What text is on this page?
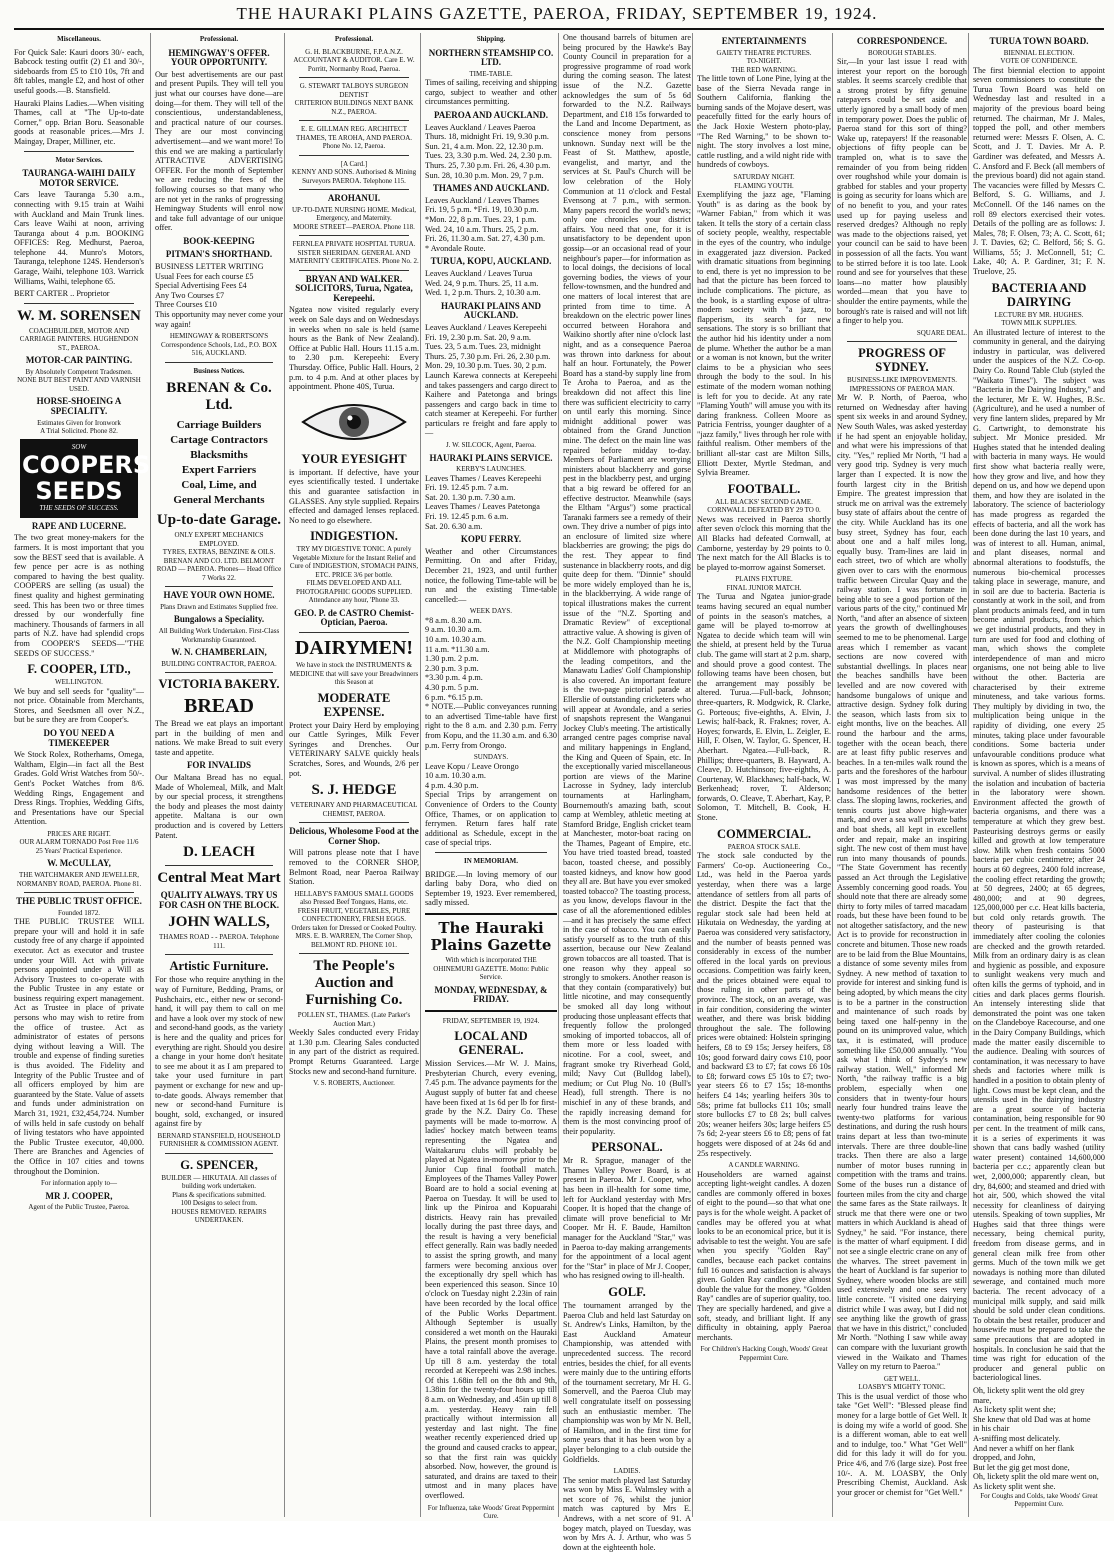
THE HAURAKI PLAINS GAZETTE, PAEROA, FRIDAY, SEPTEMBER 19, 1924.
Miscellaneous.

For Quick Sale: Kauri doors 30/- each, Babcock testing outfit (2) £1 and 30/-, sideboards from £5 to £10 10s, 7ft and 8ft tables, mangle £2, and host of other useful goods.—B. Stansfield.

Hauraki Plains Ladies.—When visiting Thames, call at "The Up-to-date Corner," opp. Brian Boru. Seasonable goods at reasonable prices.—Mrs J. Maingay, Draper, Milliner, etc.

Motor Services.
TAURANGA-WAIHI DAILY MOTOR SERVICE.

Cars leave Tauranga 5.30 a.m., connecting with 9.15 train at Waihi with Auckland and Main Trunk lines. Cars leave Waihi at noon, arriving Tauranga about 4 p.m. BOOKING OFFICES: Reg. Medhurst, Paeroa, telephone 44. Munro's Motors, Tauranga, telephone 124S. Henderson's Garage, Waihi, telephone 103. Warrick Williams, Waihi, telephone 65.

BERT CARTER .. Proprietor

W. M. SORENSEN
COACHBUILDER, MOTOR AND CARRIAGE PAINTERS. HUGHENDON ST., PAEROA.
MOTOR-CAR PAINTING.
By Absolutely Competent Tradesmen.
NONE BUT BEST PAINT AND VARNISH USED.
HORSE-SHOEING A SPECIALITY.
Estimates Given for Ironwork
A Trial Solicited. Phone 82.
SOW
COOPERS SEEDS
THE SEEDS OF SUCCESS.
RAPE AND LUCERNE.

The two great money-makers for the farmers. It is most important that you sow the BEST seed that is available. A few pence per acre is as nothing compared to having the best quality. COOPERS are selling (as usual) the finest quality and highest germinating seed. This has been two or three times dressed by our wonderfully fine machinery. Thousands of farmers in all parts of N.Z. have had splendid crops from COOPER'S SEEDS—"THE SEEDS OF SUCCESS."

F. COOPER, LTD.,
WELLINGTON.

We buy and sell seeds for "quality"—not price. Obtainable from Merchants, Stores, and Seedsmen all over N.Z., but be sure they are from Cooper's.

DO YOU NEED A TIMEKEEPER

We Stock Rolex, Rotherhams, Omega, Waltham, Elgin—in fact all the Best Grades. Gold Wrist Watches from 50/-. Gent's Pocket Watches from 8/6. Wedding Rings, Engagement and Dress Rings. Trophies, Wedding Gifts, and Presentations have our Special Attention.

PRICES ARE RIGHT.
OUR ALARM TORNADO Post Free 11/6
25 Years' Practical Experience.
W. McCULLAY,
THE WATCHMAKER AND JEWELLER, NORMANBY ROAD, PAEROA. Phone 81.
THE PUBLIC TRUST OFFICE.
Founded 1872.

THE PUBLIC TRUSTEE WILL prepare your will and hold it in safe custody free of any charge if appointed executor. Act as executor and trustee under your Will. Act with private persons appointed under a Will as Advisory Trustees to co-operate with the Public Trustee in any estate or business requiring expert management. Act as Trustee in place of private persons who may wish to retire from the office of trustee. Act as administrator of estates of persons dying without leaving a Will. The trouble and expense of finding sureties is thus avoided. The Fidelity and Integrity of the Public Trustee and of all officers employed by him are guaranteed by the State. Value of assets and funds under administration on March 31, 1921, £32,454,724. Number of wills held in safe custody on behalf of living testators who have appointed the Public Trustee executor, 40,000. There are Branches and Agencies of the Office in 107 cities and towns throughout the Dominion.

For information apply to—
MR J. COOPER,
Agent of the Public Trustee, Paeroa.
Professional.
HEMINGWAY'S OFFER. YOUR OPPORTUNITY.

Our best advertisements are our past and present Pupils. They will tell you just what our courses have done—are doing—for them. They will tell of the conscientious, understandableness, and practical nature of our courses. They are our most convincing advertisement—and we want more! To this end we are making a particularly ATTRACTIVE ADVERTISING OFFER. For the month of September we are reducing the fees of the following courses so that many who are not yet in the ranks of progressing Hemingway Students will enrol now and take full advantage of our unique offer.

BOOK-KEEPING
PITMAN'S SHORTHAND.
BUSINESS LETTER WRITING
Usual Fees for each course £5
Special Advertising Fees £4
Any Two Courses £7
Three Courses £10

This opportunity may never come your way again!

HEMINGWAY & ROBERTSON'S Correspondence Schools, Ltd., P.O. BOX 516, AUCKLAND.
Business Notices.
BRENAN & Co. Ltd.
Carriage Builders
Cartage Contractors
Blacksmiths
Expert Farriers
Coal, Lime, and
General Merchants
Up-to-date Garage.
ONLY EXPERT MECHANICS EMPLOYED.
TYRES, EXTRAS, BENZINE & OILS.
BRENAN AND CO. LTD. BELMONT ROAD — PAEROA. Phones— Head Office 7 Works 22.
HAVE YOUR OWN HOME.
Plans Drawn and Estimates Supplied free.
Bungalows a Speciality.
All Building Work Undertaken. First-Class Workmanship Guaranteed.
W. N. CHAMBERLAIN,
BUILDING CONTRACTOR, PAEROA.
VICTORIA BAKERY.
BREAD

The Bread we eat plays an important part in the building of men and nations. We make Bread to suit every taste and appetite.

FOR INVALIDS

Our Maltana Bread has no equal. Made of Wholemeal, Milk, and Malt by our special process, it strengthens the body and pleases the most dainty appetite. Maltana is our own production and is covered by Letters Patent.

D. LEACH
Central Meat Mart
QUALITY ALWAYS. TRY US FOR CASH ON THE BLOCK.
JOHN WALLS,
THAMES ROAD - - PAEROA. Telephone 111.
Artistic Furniture.

For those who require anything in the way of Furniture, Bedding, Prams, or Pushchairs, etc., either new or second-hand, it will pay them to call on me and have a look over my stock of new and second-hand goods, as the variety is here and the quality and prices for everything are right. Should you desire a change in your home don't hesitate to see me about it as I am prepared to take your used furniture in part payment or exchange for new and up-to-date goods. Always remember that new or second-hand Furniture is bought, sold, exchanged, or insured against fire by

BERNARD STANSFIELD, HOUSEHOLD FURNISHER & COMMISSION AGENT.
G. SPENCER,
BUILDER — HIKUTAIA. All classes of building work undertaken.
Plans & specifications submitted.
100 Designs to select from.
HOUSES REMOVED. REPAIRS UNDERTAKEN.
Professional.
G. H. BLACKBURNE, F.P.A.N.Z. ACCOUNTANT & AUDITOR. Care E. W. Porritt, Normanby Road, Paeroa.
G. STEWART TALBOYS SURGEON DENTIST
CRITERION BUILDINGS NEXT BANK N.Z., PAEROA.
E. E. GILLMAN REG. ARCHITECT THAMES, TE AROHA, AND PAEROA. Phone No. 12, Paeroa.
[A Card.]
KENNY AND SONS. Authorised & Mining Surveyors PAEROA. Telephone 115.
AROHANUI.
UP-TO-DATE NURSING HOME. Medical, Emergency, and Maternity.
MOORE STREET—PAEROA. Phone 118.
FERNLEA PRIVATE HOSPITAL TURUA. SISTER SHERIDAN. GENERAL AND MATERNITY CERTIFICATES. Phone No. 2.
BRYAN AND WALKER. SOLICITORS, Turua, Ngatea, Kerepeehi.

Ngatea now visited regularly every week on Sale days and on Wednesdays in weeks when no sale is held (same hours as the Bank of New Zealand). Office at Public Hall. Hours 11.15 a.m. to 2.30 p.m. Kerepeehi: Every Thursday. Office, Public Hall. Hours, 2 p.m. to 4 p.m. And at other places by appointment. Phone 40S, Turua.

YOUR EYESIGHT

is important. If defective, have your eyes scientifically tested. I undertake this and guarantee satisfaction in GLASSES. Any style supplied. Repairs effected and damaged lenses replaced. No need to go elsewhere.

INDIGESTION.
TRY MY DIGESTIVE TONIC. A purely Vegetable Mixture for the Instant Relief and Cure of INDIGESTION, STOMACH PAINS, ETC. PRICE 3/6 per bottle.
FILMS DEVELOPED AND ALL PHOTOGRAPHIC GOODS SUPPLIED. Attendance any hour, 'Phone 33.
GEO. P. de CASTRO Chemist-Optician, Paeroa.
DAIRYMEN!
We have in stock the INSTRUMENTS & MEDICINE that will save your Breadwinners this Season at
MODERATE EXPENSE.

Protect your Dairy Herd by employing our Cattle Syringes, Milk Fever Syringes and Drenches. Our VETERINARY SALVE quickly heals Scratches, Sores, and Wounds, 2/6 per pot.

S. J. HEDGE
VETERINARY AND PHARMACEUTICAL CHEMIST, PAEROA.
Delicious, Wholesome Food at the Corner Shop.

Will patrons please note that I have removed to the CORNER SHOP, Belmont Road, near Paeroa Railway Station.

HELLABY'S FAMOUS SMALL GOODS also Pressed Beef Tongues, Hams, etc.
FRESH FRUIT, VEGETABLES, PURE CONFECTIONERY, FRESH EGGS.
Orders taken for Dressed or Cooked Poultry.
MRS. E. B. WARREN, The Corner Shop, BELMONT RD. PHONE 101.
The People's Auction and Furnishing Co.
POLLEN ST., THAMES. (Late Parker's Auction Mart.)

Weekly Sales conducted every Friday at 1.30 p.m. Clearing Sales conducted in any part of the district as required. Prompt Returns Guaranteed. Large Stocks new and second-hand furniture.

V. S. ROBERTS, Auctioneer.
Shipping.
NORTHERN STEAMSHIP CO. LTD.
TIME-TABLE.

Times of sailing, receiving and shipping cargo, subject to weather and other circumstances permitting.

PAEROA AND AUCKLAND.
Leaves Auckland / Leaves Paeroa
Thurs. 18, midnight Fri. 19, 9.30 p.m.
Sun. 21, 4 a.m. Mon. 22, 12.30 p.m.
Tues. 23, 3.30 p.m. Wed. 24, 2.30 p.m.
Thurs. 25, 7.30 p.m. Fri. 26, 4.30 p.m.
Sun. 28, 10.30 p.m. Mon. 29, 7 p.m.
THAMES AND AUCKLAND.
Leaves Auckland / Leaves Thames
Fri. 19, 5 p.m. *Fri. 19, 10.30 p.m.
*Mon. 22, 8 p.m. Tues. 23, 1 p.m.
Wed. 24, 10 a.m. Thurs. 25, 2 p.m.
Fri. 26, 11.30 a.m. Sat. 27, 4.30 p.m.
* Avondale Route.
TURUA, KOPU, AUCKLAND.
Leaves Auckland / Leaves Turua
Wed. 24, 9 p.m. Thurs. 25, 11 a.m.
Wed. 1, 2 p.m. Thurs. 2, 10.30 a.m.
HAURAKI PLAINS AND AUCKLAND.
Leaves Auckland / Leaves Kerepeehi
Fri. 19, 2.30 p.m. Sat. 20, 9 a.m.
Tues. 23, 5 a.m. Tues. 23, midnight
Thurs. 25, 7.30 p.m. Fri. 26, 2.30 p.m.
Mon. 29, 10.30 p.m. Tues. 30, 2 p.m.

Launch Karewa connects at Kerepeehi and takes passengers and cargo direct to Kaihere and Patetonga and brings passengers and cargo back in time to catch steamer at Kerepeehi. For further particulars re freight and fare apply to—

J. W. SILCOCK, Agent, Paeroa.
HAURAKI PLAINS SERVICE.
KERBY'S LAUNCHES.
Leaves Thames / Leaves Kerepeehi
Fri. 19. 12.45 p.m. 7 a.m.
Sat. 20. 1.30 p.m. 7.30 a.m.
Leaves Thames / Leaves Patetonga
Fri. 19. 12.45 p.m. 6 a.m.
Sat. 20. 6.30 a.m.
KOPU FERRY.

Weather and other Circumstances Permitting. On and after Friday, December 21, 1923, and until further notice, the following Time-table will be run and the existing Time-table cancelled:—

WEEK DAYS.
*8 a.m. 8.30 a.m.
9 a.m. 10.30 a.m.
10 a.m. 10.30 a.m.
11 a.m. *11.30 a.m.
1.30 p.m. 2 p.m.
2.30 p.m. 3 p.m.
*3.30 p.m. 4 p.m.
4.30 p.m. 5 p.m.
6 p.m. *6.15 p.m.

* NOTE.—Public conveyances running to an advertised Time-table have first right to the 8 a.m. and 2.30 p.m. Ferry from Kopu, and the 11.30 a.m. and 6.30 p.m. Ferry from Orongo.

SUNDAYS.
Leave Kopu / Leave Orongo
10 a.m. 10.30 a.m.
4 p.m. 4.30 p.m.

Special Trips by arrangement on Convenience of Orders to the County Office, Thames, or on application to ferrymen. Return fares half rate additional as Schedule, except in the case of special trips.

IN MEMORIAM.

BRIDGE.—In loving memory of our darling baby Dora, who died on September 19, 1923. Ever remembered, sadly missed.

The Hauraki Plains Gazette
With which is incorporated THE OHINEMURI GAZETTE. Motto: Public Service.
MONDAY, WEDNESDAY, & FRIDAY.
FRIDAY, SEPTEMBER 19, 1924.
LOCAL AND GENERAL.

Mission Services.—Mr W. J. Mains, Presbyterian Church, every evening, 7.45 p.m. The advance payments for the August supply of butter fat and cheese have been fixed at 1s 6d per lb for first-grade by the N.Z. Dairy Co. These payments will be made to-morrow. A ladies' hockey match between teams representing the Ngatea and Waitakaruru clubs will probably be played at Ngatea in-morrow prior to the Junior Cup final football match. Employees of the Thames Valley Power Board are to hold a social evening at Paeroa on Tuesday. It will be used to link up the Piniroa and Kopuarahi districts. Heavy rain has prevailed locally during the past three days, and the result is having a very beneficial effect generally. Rain was badly needed to assist the spring growth, and many farmers were becoming anxious over the exceptionally dry spell which has been experienced this season. Since 10 o'clock on Tuesday night 2.23in of rain have been recorded by the local office of the Public Works Department. Although September is usually considered a wet month on the Hauraki Plains, the present month promises to have a total rainfall above the average. Up till 8 a.m. yesterday the total recorded at Kerepeehi was 2.98 inches. Of this 1.68in fell on the 8th and 9th, 1.38in for the twenty-four hours up till 8 a.m. on Wednesday, and .45in up till 8 a.m. yesterday. Heavy rain fell practically without intermission all yesterday and last night. The fine weather recently experienced dried up the ground and caused cracks to appear, so that the first rain was quickly absorbed. Now, however, the ground is saturated, and drains are taxed to their utmost and in many places have overflowed.

For Influenza, take Woods' Great Peppermint Cure.

One thousand barrels of bitumen are being procured by the Hawke's Bay County Council in preparation for a progressive programme of road work during the coming season. The latest issue of the N.Z. Gazette acknowledges the sum of 5s 6d forwarded to the N.Z. Railways Department, and £18 15s forwarded to the Land and Income Department, as conscience money from persons unknown. Sunday next will be the Feast of St. Matthew, apostle, evangelist, and martyr, and the services at St. Paul's Church will be low celebration of the Holy Communion at 11 o'clock and Festal Evensong at 7 p.m., with sermon. Many papers record the world's news; only one chronicles your district affairs. You need that one, for it is unsatisfactory to be dependent upon gossip—or an occasional read of your neighbour's paper—for information as to local doings, the decisions of local governing bodies, the views of your fellow-townsmen, and the hundred and one matters of local interest that are printed from time to time. A breakdown on the electric power lines occurred between Horahora and Waikino shortly after nine o'clock last night, and as a consequence Paeroa was thrown into darkness for about half an hour. Fortunately, the Power Board has a stand-by supply line from Te Aroha to Paeroa, and as the breakdown did not affect this line there was sufficient electricity to carry on until early this morning. Since midnight additional power was obtained from the Grand Junction mine. The defect on the main line was repaired before midday to-day. Members of Parliament are worrying ministers about blackberry and gorse pest in the blackberry pest, and urging that a big reward be offered for an effective destructor. Meanwhile (says the Eltham "Argus") some practical Taranaki farmers see a remedy of their own. They drive a number of pigs into an enclosure of limited size where blackberries are growing; the pigs do the rest. They appear to find sustenance in blackberry roots, and dig quite deep for them. "Dinnie" should be more widely employed than he is, in the blackberrying. A wide range of topical illustrations makes the current issue of the "N.Z. Sporting and Dramatic Review" of exceptional attractive value. A showing is given of the N.Z. Golf Championship meeting at Middlemore with photographs of the leading competitors, and the Manawatu Ladies' Golf Championship is also covered. An important feature is the two-page pictorial parade at Ellerslie of outstanding cricketers who will appear at Avondale, and a series of snapshots represent the Wanganui Jockey Club's meeting. The artistically arranged centre pages comprise naval and military happenings in England, the King and Queen of Spain, etc. In the exceptionally varied miscellaneous portion are views of the Marine Lacrosse in Sydney, lady interclub tournaments at Harlingham, Bournemouth's amazing bath, scout camp at Wembley, athletic meeting at Stamford Bridge, English cricket team at Manchester, motor-boat racing on the Thames, Pageant of Empire, etc. You have tried toasted bread, toasted bacon, toasted cheese, and possibly toasted kidneys, and know how good they all are. But have you ever smoked toasted tobacco? The toasting process, as you know, develops flavour in the case of all the aforementioned edibles—and it has precisely the same effect in the case of tobacco. You can easily satisfy yourself as to the truth of this assertion, because our New Zealand grown tobaccos are all toasted. That is one reason why they appeal so strongly to smokers. Another reason is that they contain (comparatively) but little nicotine, and may consequently be smoked all day long without producing those unpleasant effects that frequently follow the prolonged smoking of imported tobaccos, all of them more or less loaded with nicotine. For a cool, sweet, and fragrant smoke try Riverhead Gold, mild; Navy Cut (Bulldog label), medium; or Cut Plug No. 10 (Bull's Head), full strength. There is no mischief in any of these brands, and the rapidly increasing demand for them is the most convincing proof of their popularity.

PERSONAL.

Mr R. Sprague, manager of the Thames Valley Power Board, is at present in Paeroa. Mr J. Cooper, who has been in ill-health for some time, left for Auckland yesterday with Mrs Cooper. It is hoped that the change of climate will prove beneficial to Mr Cooper. Mr H. F. Baude, Hamilton manager for the Auckland "Star," was in Paeroa to-day making arrangements for the appointment of a local agent for the "Star" in place of Mr J. Cooper, who has resigned owing to ill-health.

GOLF.

The tournament arranged by the Paeroa Club and held last Saturday on St. Andrew's Links, Hamilton, by the East Auckland Amateur Championship, was attended with unprecedented success. The record entries, besides the chief, for all events were mainly due to the untiring efforts of the tournament secretary, Mr H. G. Somervell, and the Paeroa Club may well congratulate itself on possessing such an enthusiastic member. The championship was won by Mr N. Bell, of Hamilton, and in the first time for some years that it has been won by a player belonging to a club outside the Goldfields.

LADIES.

The senior match played last Saturday was won by Miss E. Walmsley with a net score of 76, whilst the junior match was captured by Mrs E. Andrews, with a net score of 91. A bogey match, played on Tuesday, was won by Mrs A. J. Arthur, who was 5 down at the eighteenth hole.

ENTERTAINMENTS
GAIETY THEATRE PICTURES.
TO-NIGHT.
THE RED WARNING.

The little town of Lone Pine, lying at the base of the Sierra Nevada range in Southern California, flanking the burning sands of the Mojave desert, was peacefully fitted for the early hours of the Jack Hoxie Western photo-play, "The Red Warning," to be shown to-night. The story involves a lost mine, cattle rustling, and a wild night ride with hundreds of cowboys.

SATURDAY NIGHT.
FLAMING YOUTH.

Exemplifying the jazz age, "Flaming Youth" is as daring as the book by "Warner Fabian," from which it was taken. It tells the story of a certain class of society people, wealthy, respectable in the eyes of the country, who indulge in exaggerated jazz diversion. Packed with dramatic situations from beginning to end, there is yet no impression to be had that the picture has been forced to include complications. The picture, as the book, is a startling expose of ultra-modern society with "a jazz, to flapperism, its search for new sensations. The story is so brilliant that the author hid his identity under a nom de plume. Whether the author be a man or a woman is not known, but the writer claims to be a physician who sees through the body to the soul. In his estimate of the modern woman nothing is left for you to decide. At any rate "Flaming Youth" will amuse you with its daring frankness. Colleen Moore as Patricia Fentriss, younger daughter of a "jazz family," lives through her role with faithful realism. Other members of the brilliant all-star cast are Milton Sills, Elliott Dexter, Myrtle Stedman, and Sylvia Breamer.

FOOTBALL.
ALL BLACKS' SECOND GAME.
CORNWALL DEFEATED BY 29 TO 0.

News was received in Paeroa shortly after seven o'clock this morning that the All Blacks had defeated Cornwall, at Camborne, yesterday by 29 points to 0. The next match for the All Blacks is to be played to-morrow against Somerset.

PLAINS FIXTURE.
FINAL JUNIOR MATCH.

The Turua and Ngatea junior-grade teams having secured an equal number of points in the season's matches, a game will be played to-morrow at Ngatea to decide which team will win the shield, at present held by the Turua club. The game will start at 2 p.m. sharp, and should prove a good contest. The following teams have been chosen, but the arrangement may possibly be altered. Turua.—Full-back, Johnson; three-quarters, R. Modgwick, R. Clarke, G. Porteous; five-eighths, A. Elvin, J. Lewis; half-back, R. Fraknes; rover, A. Hoyes; forwards, E. Elvin, L. Zeigler, E. Hill, F. Olsen, W. Taylor, G. Spencer, H. Aberhart. Ngatea.—Full-back, R. Phillips; three-quarters, B. Hayward, A. Cleave, D. Hutchinson; five-eighths, A. Courtenay, W. Blackhaws; half-back, W. Berkenhead; rover, T. Alderson; forwards, O. Cleave, T. Aberhart, Kay, P. Solomon, T. Mitchell, B. Cook, H. Stone.

COMMERCIAL.
PAEROA STOCK SALE.

The stock sale conducted by the Farmers' Co-op. Auctioneering Co., Ltd., was held in the Paeroa yards yesterday, when there was a large attendance of settlers from all parts of the district. Despite the fact that the regular stock sale had been held at Hikutaia on Wednesday, the yarding at Paeroa was considered very satisfactory, and the number of beasts penned was considerably in excess of the number offered in the local yards on previous occasions. Competition was fairly keen, and the prices obtained were equal to those ruling in other parts of the province. The stock, on an average, was in fair condition, considering the winter weather, and there was brisk bidding throughout the sale. The following prices were obtained: Holstein springing heifers, £8 to £9 15s; Jersey heifers, £8 10s; good forward dairy cows £10, poor and backward £3 to £7; fat cows £6 10s to £8; forward cows £5 10s to £7; two-year steers £6 to £7 15s; 18-months heifers £4 14s; yearling heifers 30s to 58s; prime fat bullocks £11 10s; small store bullocks £7 to £8 2s; bull calves 20s; weaner heifers 30s; large heifers £5 7s 6d; 2-year steers £6 to £8; pens of fat hoggets were disposed of at 24s 6d and 25s respectively.

A CANDLE WARNING.

Householders are warned against accepting light-weight candles. A dozen candles are commonly offered in boxes of eight to the pound—so that what one pays is for the whole weight. A packet of candles may be offered you at what looks to be an economical price, but it is advisable to test the weight. You are safe when you specify "Golden Ray" candles, because each packet contains full 16 ounces and satisfaction is always given. Golden Ray candles give almost double the value for the money. "Golden Ray" candles are of superior quality, too. They are specially hardened, and give a soft, steady, and brilliant light. If any difficulty in obtaining, apply Paeroa merchants.

For Children's Hacking Cough, Woods' Great Peppermint Cure.
CORRESPONDENCE.
BOROUGH STABLES.

Sir,—In your last issue I read with interest your report on the borough stables. It seems scarcely credible that a strong protest by fifty genuine ratepayers could be set aside and utterly ignored by a small body of men in temporary power. Does the public of Paeroa stand for this sort of thing? Wake up, ratepayers! If the reasonable objections of fifty people can be trampled on, what is to save the remainder of you from being ridden over roughshod while your domain is grabbed for stables and your property is going as security for loans which are of no benefit to you, and your rates used up for paying useless and reserved dredges? Although no reply was made to the objections raised, yet your council can be said to have been in possession of all the facts. You want to be stirred before it is too late. Look round and see for yourselves that these loans—no matter how plausibly worded—mean that you have to shoulder the entire payments, while the borough's rate is raised and will not lift a finger to help you.

SQUARE DEAL.
PROGRESS OF SYDNEY.
BUSINESS-LIKE IMPROVEMENTS.
IMPRESSIONS OF PAEROA MAN.

Mr W. P. North, of Paeroa, who returned on Wednesday after having spent six weeks in and around Sydney, New South Wales, was asked yesterday if he had spent an enjoyable holiday, and what were his impressions of that city. "Yes," replied Mr North, "I had a very good trip. Sydney is very much larger than I expected. It is now the fourth largest city in the British Empire. The greatest impression that struck me on arrival was the extremely busy state of affairs about the centre of the city. While Auckland has its one busy street, Sydney has four, each about one and a half miles long, equally busy. Tram-lines are laid in each street, two of which are wholly given over to cars with the enormous traffic between Circular Quay and the railway station. I was fortunate in being able to see a good portion of the various parts of the city," continued Mr North, "and after an absence of sixteen years the growth of dwellinghouses seemed to me to be phenomenal. Large areas which I remember as vacant sections are now covered with substantial dwellings. In places near the beaches sandhills have been levelled and are now covered with handsome bungalows of unique and attractive design. Sydney folk during the season, which lasts from six to eight months, live on the beaches. All round the harbour and the arms, together with the ocean beach, there are at least fifty public reserves and beaches. In a ten-miles walk round the parts and the foreshores of the harbour I was most impressed by the many handsome residences of the better class. The sloping lawns, rockeries, and tennis courts just above high-water mark, and over a sea wall private baths and boat sheds, all kept in excellent order and repair, make an inspiring sight. The new cost of them must have run into many thousands of pounds. "The State Government has recently passed an Act through the Legislative Assembly concerning good roads. You should note that there are already some thirty to forty miles of tarred macadam roads, but these have been found to be not altogether satisfactory, and the new Act is to provide for reconstruction in concrete and bitumen. Those new roads are to be laid from the Blue Mountains, a distance of some seventy miles from Sydney. A new method of taxation to provide for interest and sinking fund is being adopted, by which means the city is to be a partner in the construction and maintenance of such roads by being taxed one half-penny in the pound on its unimproved value, which tax, it is estimated, will produce something like £50,000 annually. "You ask what I think of Sydney's new railway station. Well," informed Mr North, "the railway traffic is a big problem, especially when one considers that in twenty-four hours nearly four hundred trains leave the twenty-two platforms for various destinations, and during the rush hours trains depart at less than two-minute intervals. There are three double-line tracks. Then there are also a large number of motor buses running in competition with the trams and trains. Some of the buses run a distance of fourteen miles from the city and charge the same fares as the State railways. It struck me that there were one or two matters in which Auckland is ahead of Sydney," he said. "For instance, there is the matter of wharf equipment. I did not see a single electric crane on any of the wharves. The street pavement in the heart of Auckland is far superior to Sydney, where wooden blocks are still used extensively and one sees very little concrete. "I visited one dairying district while I was away, but I did not see anything like the growth of grass that we have in this district," concluded Mr North. "Nothing I saw while away can compare with the luxuriant growth viewed in the Waikato and Thames Valley on my return to Paeroa."

GET WELL.
LOASBY'S MIGHTY TONIC.

This is the usual verdict of those who take "Get Well": "Blessed please find money for a large bottle of Get Well. It is doing my wife a world of good. She is a different woman, able to eat well and to indulge, too." What "Get Well" did for this lady it will do for you. Price 4/6, and 7/6 (large size). Post free 10/-. A. M. LOASBY, the Only Prescribing Chemist, Auckland. Ask your grocer or chemist for "Get Well."

TURUA TOWN BOARD.
BIENNIAL ELECTION.
VOTE OF CONFIDENCE.

The first biennial election to appoint seven commissioners to constitute the Turua Town Board was held on Wednesday last and resulted in a majority of the previous board being returned. The chairman, Mr J. Males, topped the poll, and other members returned were: Messrs F. Olsen, A. C. Scott, and J. T. Davies. Mr A. P. Gardiner was defeated, and Messrs A. C. Ansford and F. Beck (all members of the previous board) did not again stand. The vacancies were filled by Messrs C. Belford, S. G. Williams, and J. McConnell. Of the 146 names on the roll 89 electors exercised their votes. Details of the polling are as follows: J. Males, 78; F. Olsen, 73; A. C. Scott, 61; J. T. Davies, 62; C. Belford, 56; S. G. Williams, 55; J. McConnell, 51; C. Lake, 40; A. P. Gardiner, 31; F. N. Truelove, 25.

BACTERIA AND DAIRYING
LECTURE BY MR. HUGHES.
TOWN MILK SUPPLIES.

An illustrated lecture of interest to the community in general, and the dairying industry in particular, was delivered under the auspices of the N.Z. Co-op. Dairy Co. Round Table Club (styled the "Waikato Times"). The subject was "Bacteria in the Dairying Industry," and the lecturer, Mr E. W. Hughes, B.Sc. (Agriculture), and he used a number of very fine lantern slides, prepared by Mr G. Cartwright, to demonstrate his subject. Mr Monice presided. Mr Hughes stated that he intended dealing with bacteria in many ways. He would first show what bacteria really were, how they grow and live, and how they depend on us, and how we depend upon them, and how they are isolated in the laboratory. The science of bacteriology has made progress as regarded the effects of bacteria, and all the work has been done during the last 10 years, and was of interest to all. Human, animal, and plant diseases, normal and abnormal alterations to foodstuffs, the numerous bio-chemical processes taking place in sewerage, manure, and in soil are due to bacteria. Bacteria is constantly at work in the soil, and from plant products animals feed, and in turn become animal products, from which we get industrial products, and they in turn are used for food and clothing of man, which shows the complete interdependence of man and micro organisms, one not being able to live without the other. Bacteria are characterised by their extreme minuteness, and take various forms. They multiply by dividing in two, the multiplication being unique in the rapidity of dividing, one every 25 minutes, taking place under favourable conditions. Some bacteria under unfavourable conditions produce what is known as spores, which is a means of survival. A number of slides illustrating the isolation and incubation of bacteria in the laboratory were shown. Environment affected the growth of bacteria organisms, and there was a temperature at which they grew best. Pasteurising destroys germs or easily killed and growth at low temperature slow. Milk when fresh contains 5000 bacteria per cubic centimetre; after 24 hours at 60 degrees, 2400 fold increase, the cooling effect retarding the growth; at 50 degrees, 2400; at 65 degrees, 480,000; and at 90 degrees, 125,000,000 per c.c. Heat kills bacteria, but cold only retards growth. The theory of pasteurising is that immediately after cooling the colonies are checked and the growth retarded. Milk from an ordinary dairy is as clean and hygienic as possible, and exposure to sunlight weakens very much and often kills the germs of typhoid, and in cities and dark places germs flourish. An intensely interesting slide that demonstrated the point was one taken on the Clandeboye Racecourse, and one in the Dairy Company Buildings, which made the matter easily discernible to the audience. Dealing with sources of contamination, it was necessary to have sheds and factories where milk is handled in a position to obtain plenty of light. Cows must be kept clean, and the utensils used in the dairying industry are a great source of bacteria contamination, being responsible for 90 per cent. In the treatment of milk cans, it is a series of experiments it was shown that cans badly washed (utility water present) contained 14,600,000 bacteria per c.c.; apparently clean but wet, 2,000,000; apparently clean, but dry, 84,600; and steamed and dried with hot air, 500, which showed the vital necessity for cleanliness of dairying utensils. Speaking of town supplies, Mr Hughes said that three things were necessary, being chemical purity, freedom from disease germs, and in general clean milk free from other germs. Much of the town milk we get nowadays is nothing more than diluted sewerage, and contained much more bacteria. The recent advocacy of a municipal milk supply, and said milk should be sold under clean conditions. To obtain the best retailer, producer and housewife must be prepared to take the same precautions that are adopted in hospitals. In conclusion he said that the time was right for education of the producer and general public on bacteriological lines.

Oh, lickety split went the old grey mare,
As lickety split went she;
She knew that old Dad was at home
in his chair
A-sniffing most delicately.
And never a whiff on her flank dropped, and John,
But let the gig get most done,
Oh, lickety split the old mare went on,
As lickety split went she.
For Coughs and Colds, take Woods' Great Peppermint Cure.
